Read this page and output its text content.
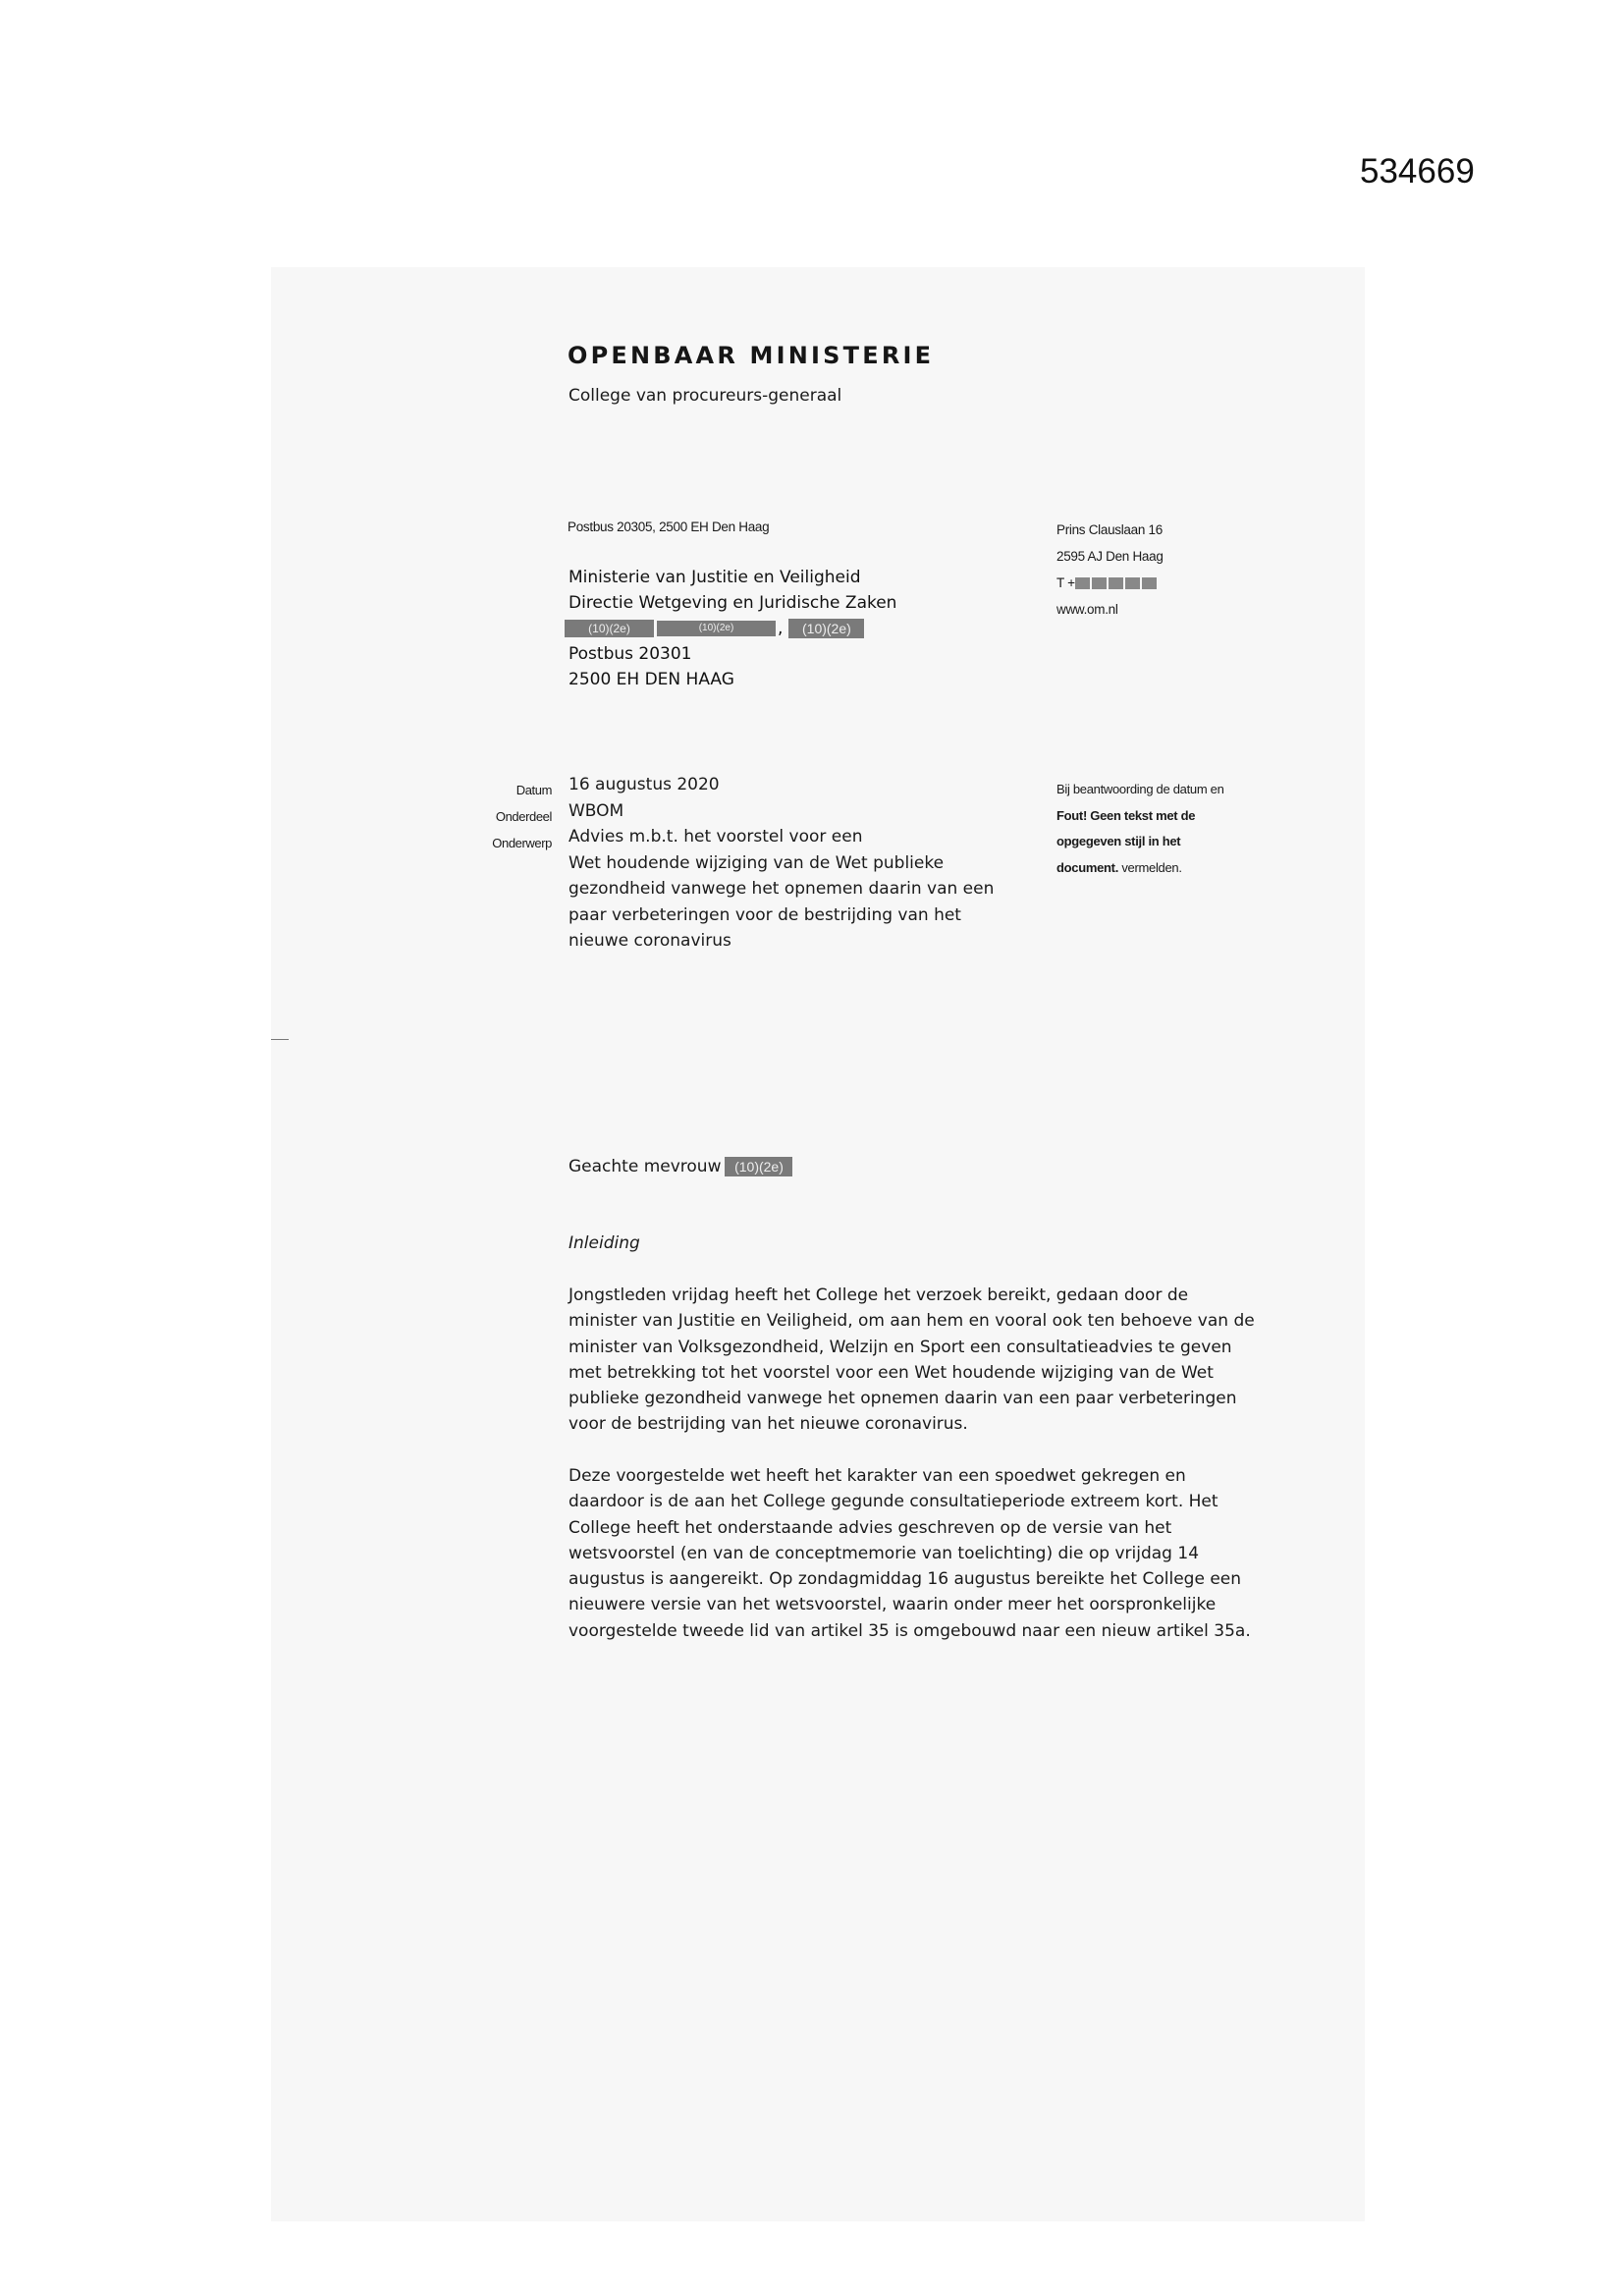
534669
OPENBAAR MINISTERIE
College van procureurs-generaal
Postbus 20305, 2500 EH Den Haag
Ministerie van Justitie en Veiligheid
Directie Wetgeving en Juridische Zaken
(10)(2e)	(10)(2e)	, (10)(2e)
Postbus 20301
2500 EH DEN HAAG
Prins Clauslaan 16
2595 AJ Den Haag
T +
www.om.nl
Datum
Onderdeel
Onderwerp
16 augustus 2020
WBOM
Advies m.b.t. het voorstel voor een
Wet houdende wijziging van de Wet publieke
gezondheid vanwege het opnemen daarin van een
paar verbeteringen voor de bestrijding van het
nieuwe coronavirus
Bij beantwoording de datum en
Fout! Geen tekst met de
opgegeven stijl in het
document. vermelden.
Geachte mevrouw (10)(2e)
Inleiding
Jongstleden vrijdag heeft het College het verzoek bereikt, gedaan door de
minister van Justitie en Veiligheid, om aan hem en vooral ook ten behoeve van de
minister van Volksgezondheid, Welzijn en Sport een consultatieadvies te geven
met betrekking tot het voorstel voor een Wet houdende wijziging van de Wet
publieke gezondheid vanwege het opnemen daarin van een paar verbeteringen
voor de bestrijding van het nieuwe coronavirus.
Deze voorgestelde wet heeft het karakter van een spoedwet gekregen en
daardoor is de aan het College gegunde consultatieperiode extreem kort. Het
College heeft het onderstaande advies geschreven op de versie van het
wetsvoorstel (en van de conceptmemorie van toelichting) die op vrijdag 14
augustus is aangereikt. Op zondagmiddag 16 augustus bereikte het College een
nieuwere versie van het wetsvoorstel, waarin onder meer het oorspronkelijke
voorgestelde tweede lid van artikel 35 is omgebouwd naar een nieuw artikel 35a.
